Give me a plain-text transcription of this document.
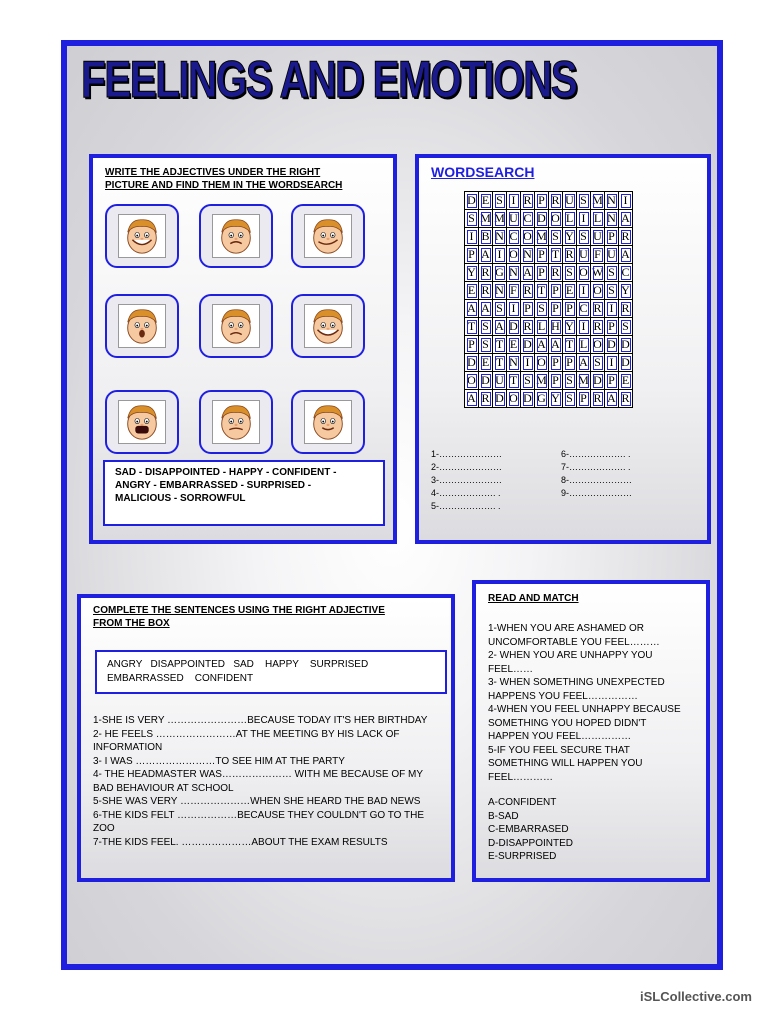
FEELINGS AND EMOTIONS
WRITE THE ADJECTIVES UNDER THE RIGHT
PICTURE AND FIND THEM IN THE WORDSEARCH
SAD - DISAPPOINTED - HAPPY - CONFIDENT -
ANGRY - EMBARRASSED - SURPRISED -
MALICIOUS - SORROWFUL
WORDSEARCH
D	E	S	I	R	P	R	U	S	M	N	I
S	M	M	U	C	D	O	L	I	L	N	A
I	B	N	C	O	M	S	Y	S	U	P	R
P	A	I	O	N	P	T	R	U	F	U	A
Y	R	G	N	A	P	R	S	O	W	S	C
E	R	N	F	R	T	P	E	I	O	S	Y
A	A	S	I	P	S	P	P	C	R	I	R
T	S	A	D	R	L	H	Y	I	R	P	S
P	S	T	E	D	A	A	T	L	O	D	D
D	E	T	N	I	O	P	P	A	S	I	D
O	D	U	T	S	M	P	S	M	D	P	E
A	R	D	O	D	G	Y	S	P	R	A	R
1-…………………
2-…………………
3-…………………
4-………………. .
5-………………. .
6-………………. .
7-………………. .
8-…………………
9-…………………
COMPLETE THE SENTENCES USING THE RIGHT ADJECTIVE
FROM THE BOX
ANGRY   DISAPPOINTED   SAD    HAPPY    SURPRISED
EMBARRASSED    CONFIDENT
1-SHE IS VERY ……………………BECAUSE TODAY IT'S HER BIRTHDAY
2- HE FEELS ……………………AT THE MEETING BY HIS LACK OF
INFORMATION
3- I WAS ……………………TO SEE HIM AT THE PARTY
4- THE HEADMASTER WAS………………… WITH ME BECAUSE OF MY
BAD BEHAVIOUR AT SCHOOL
5-SHE WAS VERY …………………WHEN SHE HEARD THE BAD NEWS
6-THE KIDS FELT ………………BECAUSE THEY COULDN'T GO TO THE
ZOO
7-THE KIDS FEEL. …………………ABOUT THE EXAM RESULTS
READ AND MATCH
1-WHEN YOU ARE ASHAMED OR
UNCOMFORTABLE YOU FEEL………
2- WHEN YOU ARE UNHAPPY YOU
FEEL……
3- WHEN SOMETHING UNEXPECTED
HAPPENS YOU FEEL……………
4-WHEN YOU FEEL UNHAPPY BECAUSE
SOMETHING YOU HOPED DIDN'T
HAPPEN YOU FEEL……………
5-IF YOU FEEL SECURE THAT
SOMETHING WILL HAPPEN YOU
FEEL…………
A-CONFIDENT
B-SAD
C-EMBARRASED
D-DISAPPOINTED
E-SURPRISED
iSLCollective.com
